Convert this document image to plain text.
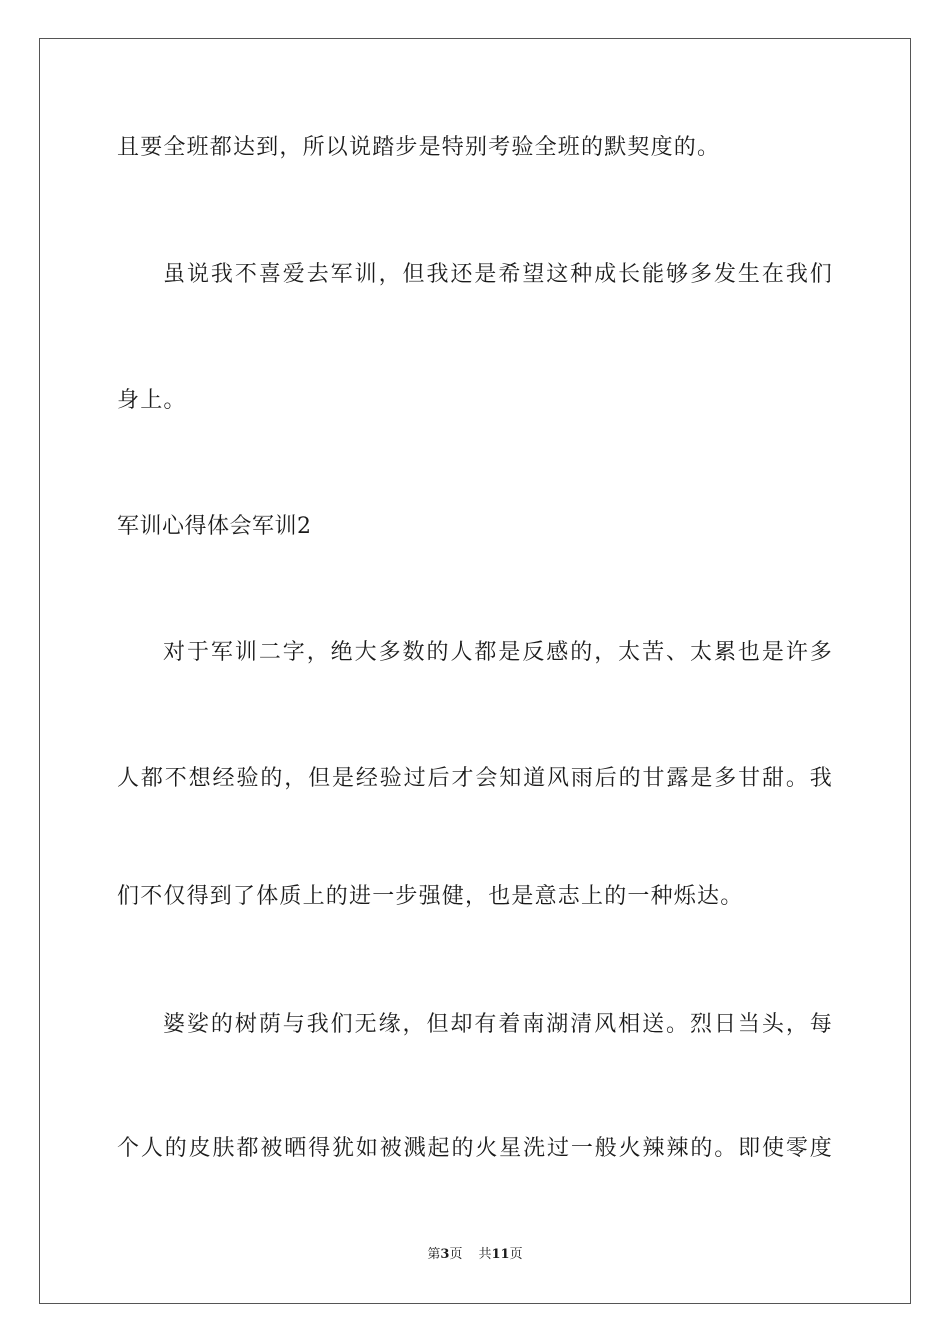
且要全班都达到，所以说踏步是特别考验全班的默契度的。
虽说我不喜爱去军训，但我还是希望这种成长能够多发生在我们
身上。
军训心得体会军训2
对于军训二字，绝大多数的人都是反感的，太苦、太累也是许多
人都不想经验的，但是经验过后才会知道风雨后的甘露是多甘甜。我
们不仅得到了体质上的进一步强健，也是意志上的一种烁达。
婆娑的树荫与我们无缘，但却有着南湖清风相送。烈日当头，每
个人的皮肤都被晒得犹如被溅起的火星洗过一般火辣辣的。即使零度
第3页 共11页
